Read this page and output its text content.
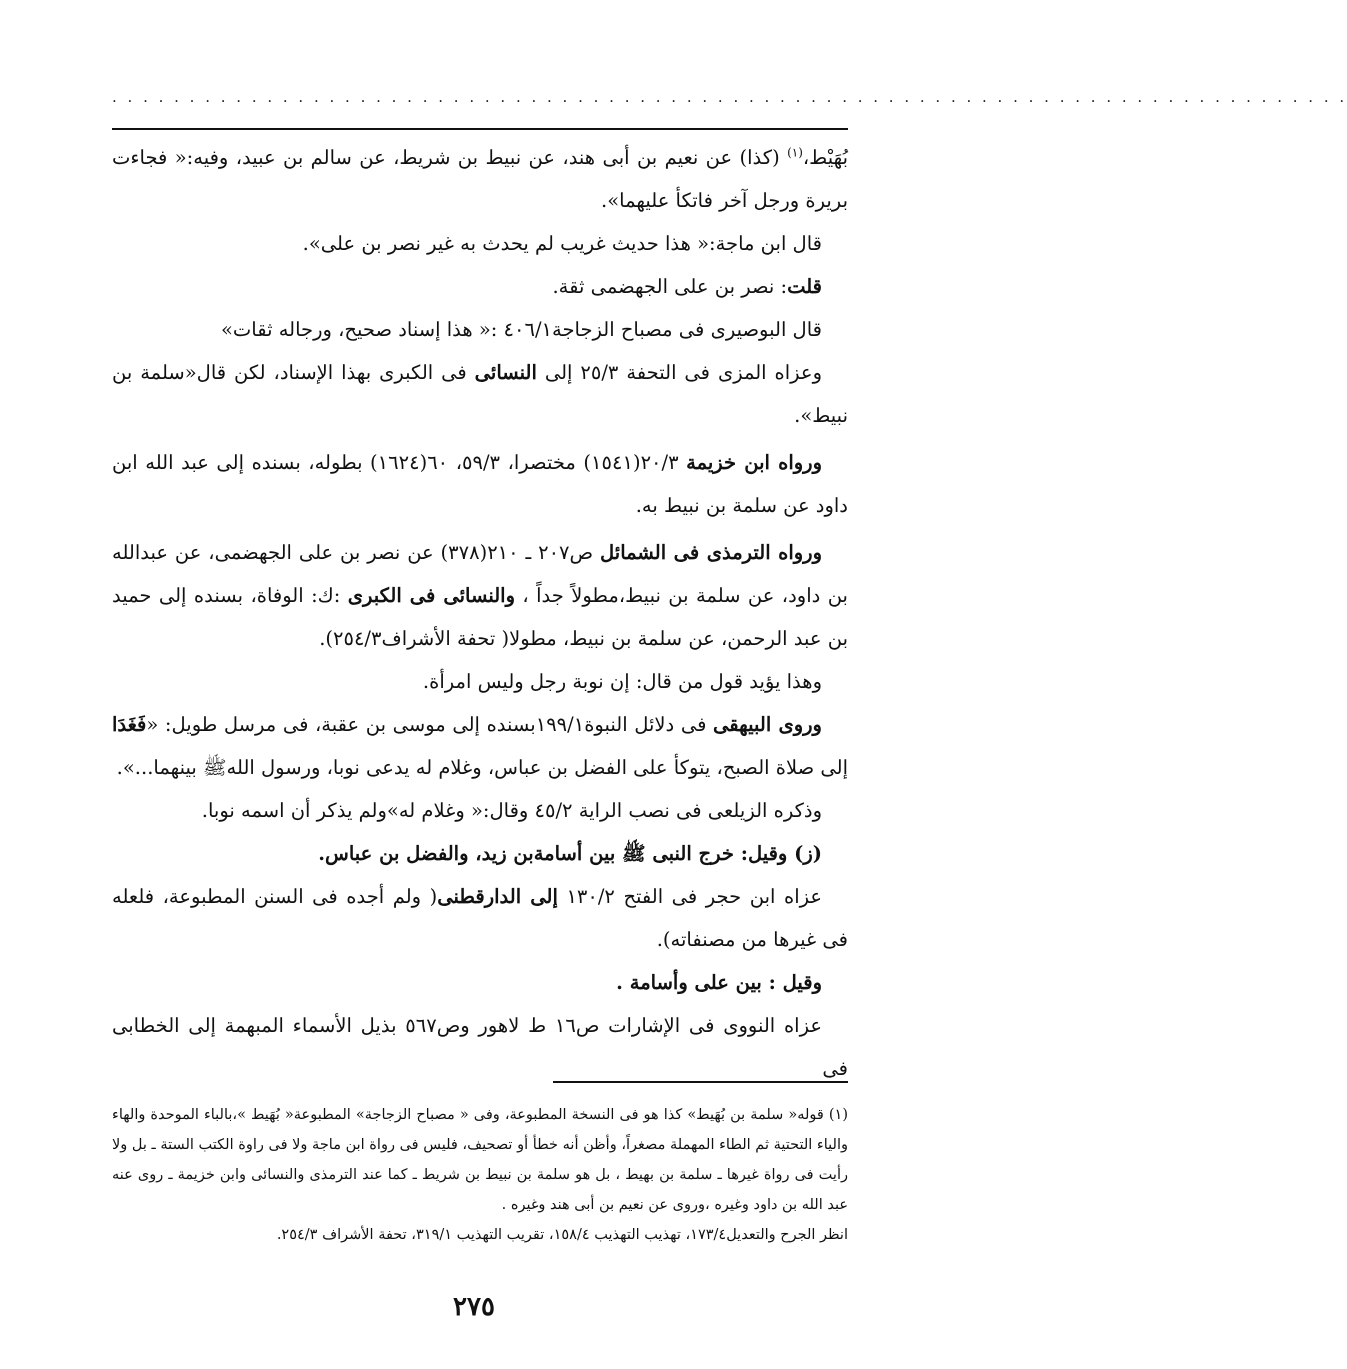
. . . . . . . . . . . . . . . . . . . . . . . . . . . . . . . . . . . . . . . . . . . . . . . . . . . . . . . . . . . . . . . . . . . . . . . . . . . . . . . .

بُهَيْط،$^{(١)}$ (كذا) عن نعيم بن أبى هند، عن نبيط بن شريط، عن سالم بن عبيد، وفيه:« فجاءت بريرة ورجل آخر فاتكأ عليهما».

قال ابن ماجة:« هذا حديث غريب لم يحدث به غير نصر بن على».

قلت: نصر بن على الجهضمى ثقة.

قال البوصيرى فى مصباح الزجاجة٤٠٦/١ :« هذا إسناد صحيح، ورجاله ثقات»

وعزاه المزى فى التحفة ٢٥/٣ إلى النسائى فى الكبرى بهذا الإسناد، لكن قال«سلمة بن نبيط».

ورواه ابن خزيمة ٢٠/٣(١٥٤١) مختصرا، ٥٩/٣، ٦٠(١٦٢٤) بطوله، بسنده إلى عبد الله ابن داود عن سلمة بن نبيط به.

ورواه الترمذى فى الشمائل ص٢٠٧ ـ ٢١٠(٣٧٨) عن نصر بن على الجهضمى، عن عبدالله بن داود، عن سلمة بن نبيط،مطولاً جداً ، والنسائى فى الكبرى :ك: الوفاة، بسنده إلى حميد بن عبد الرحمن، عن سلمة بن نبيط، مطولا( تحفة الأشراف٢٥٤/٣).

وهذا يؤيد قول من قال: إن نوبة رجل وليس امرأة.

وروى البيهقى فى دلائل النبوة١٩٩/١بسنده إلى موسى بن عقبة، فى مرسل طويل: «فَغَدَا إلى صلاة الصبح، يتوكأ على الفضل بن عباس، وغلام له يدعى نوبا، ورسول اللهﷺ بينهما...».

وذكره الزيلعى فى نصب الراية ٤٥/٢ وقال:« وغلام له»ولم يذكر أن اسمه نوبا.

(ز) وقيل: خرج النبى ﷺ بين أسامةبن زيد، والفضل بن عباس.

عزاه ابن حجر فى الفتح ١٣٠/٢ إلى الدارقطنى( ولم أجده فى السنن المطبوعة، فلعله فى غيرها من مصنفاته).

وقيل : بين على وأسامة .

عزاه النووى فى الإشارات ص١٦ ط لاهور وص٥٦٧ بذيل الأسماء المبهمة إلى الخطابى فى

(١) قوله« سلمة بن بُهَيط» كذا هو فى النسخة المطبوعة، وفى « مصباح الزجاجة» المطبوعة« بُهَيط »،بالباء الموحدة والهاء والياء التحتية ثم الطاء المهملة مصغراً، وأظن أنه خطأ أو تصحيف، فليس فى رواة ابن ماجة ولا فى راوة الكتب الستة ـ بل ولا رأيت فى رواة غيرها ـ سلمة بن بهيط ، بل هو سلمة بن نبيط بن شريط ـ كما عند الترمذى والنسائى وابن خزيمة ـ روى عنه عبد الله بن داود وغيره ،وروى عن نعيم بن أبى هند وغيره .

انظر الجرح والتعديل١٧٣/٤، تهذيب التهذيب ١٥٨/٤، تقريب التهذيب ٣١٩/١، تحفة الأشراف ٢٥٤/٣.

٢٧٥
